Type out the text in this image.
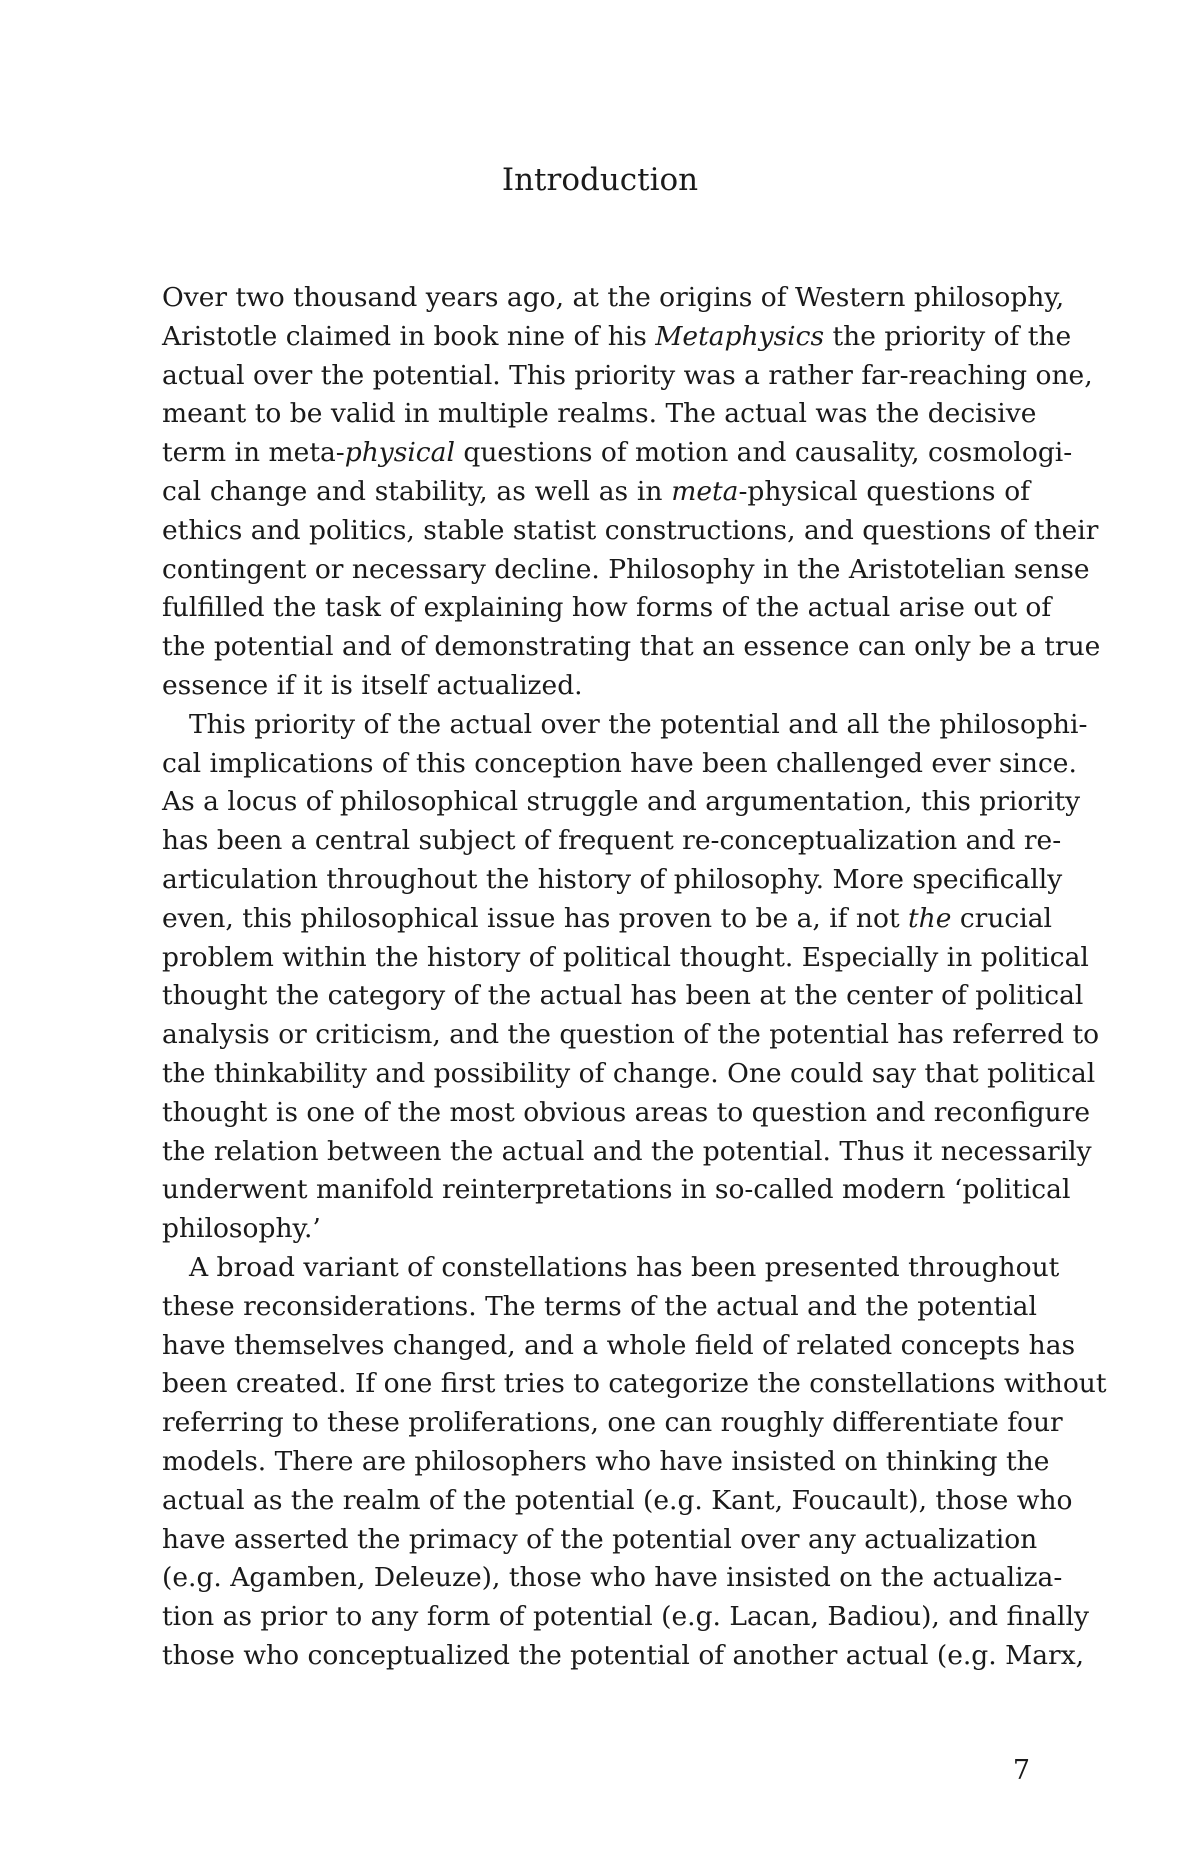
Introduction
Over two thousand years ago, at the origins of Western philosophy,
Aristotle claimed in book nine of his Metaphysics the priority of the
actual over the potential. This priority was a rather far-reaching one,
meant to be valid in multiple realms. The actual was the decisive
term in meta-physical questions of motion and causality, cosmologi-
cal change and stability, as well as in meta-physical questions of
ethics and politics, stable statist constructions, and questions of their
contingent or necessary decline. Philosophy in the Aristotelian sense
fulfilled the task of explaining how forms of the actual arise out of
the potential and of demonstrating that an essence can only be a true
essence if it is itself actualized.
This priority of the actual over the potential and all the philosophi-
cal implications of this conception have been challenged ever since.
As a locus of philosophical struggle and argumentation, this priority
has been a central subject of frequent re-conceptualization and re-
articulation throughout the history of philosophy. More specifically
even, this philosophical issue has proven to be a, if not the crucial
problem within the history of political thought. Especially in political
thought the category of the actual has been at the center of political
analysis or criticism, and the question of the potential has referred to
the thinkability and possibility of change. One could say that political
thought is one of the most obvious areas to question and reconfigure
the relation between the actual and the potential. Thus it necessarily
underwent manifold reinterpretations in so-called modern ‘political
philosophy.’
A broad variant of constellations has been presented throughout
these reconsiderations. The terms of the actual and the potential
have themselves changed, and a whole field of related concepts has
been created. If one first tries to categorize the constellations without
referring to these proliferations, one can roughly differentiate four
models. There are philosophers who have insisted on thinking the
actual as the realm of the potential (e.g. Kant, Foucault), those who
have asserted the primacy of the potential over any actualization
(e.g. Agamben, Deleuze), those who have insisted on the actualiza-
tion as prior to any form of potential (e.g. Lacan, Badiou), and finally
those who conceptualized the potential of another actual (e.g. Marx,
7
